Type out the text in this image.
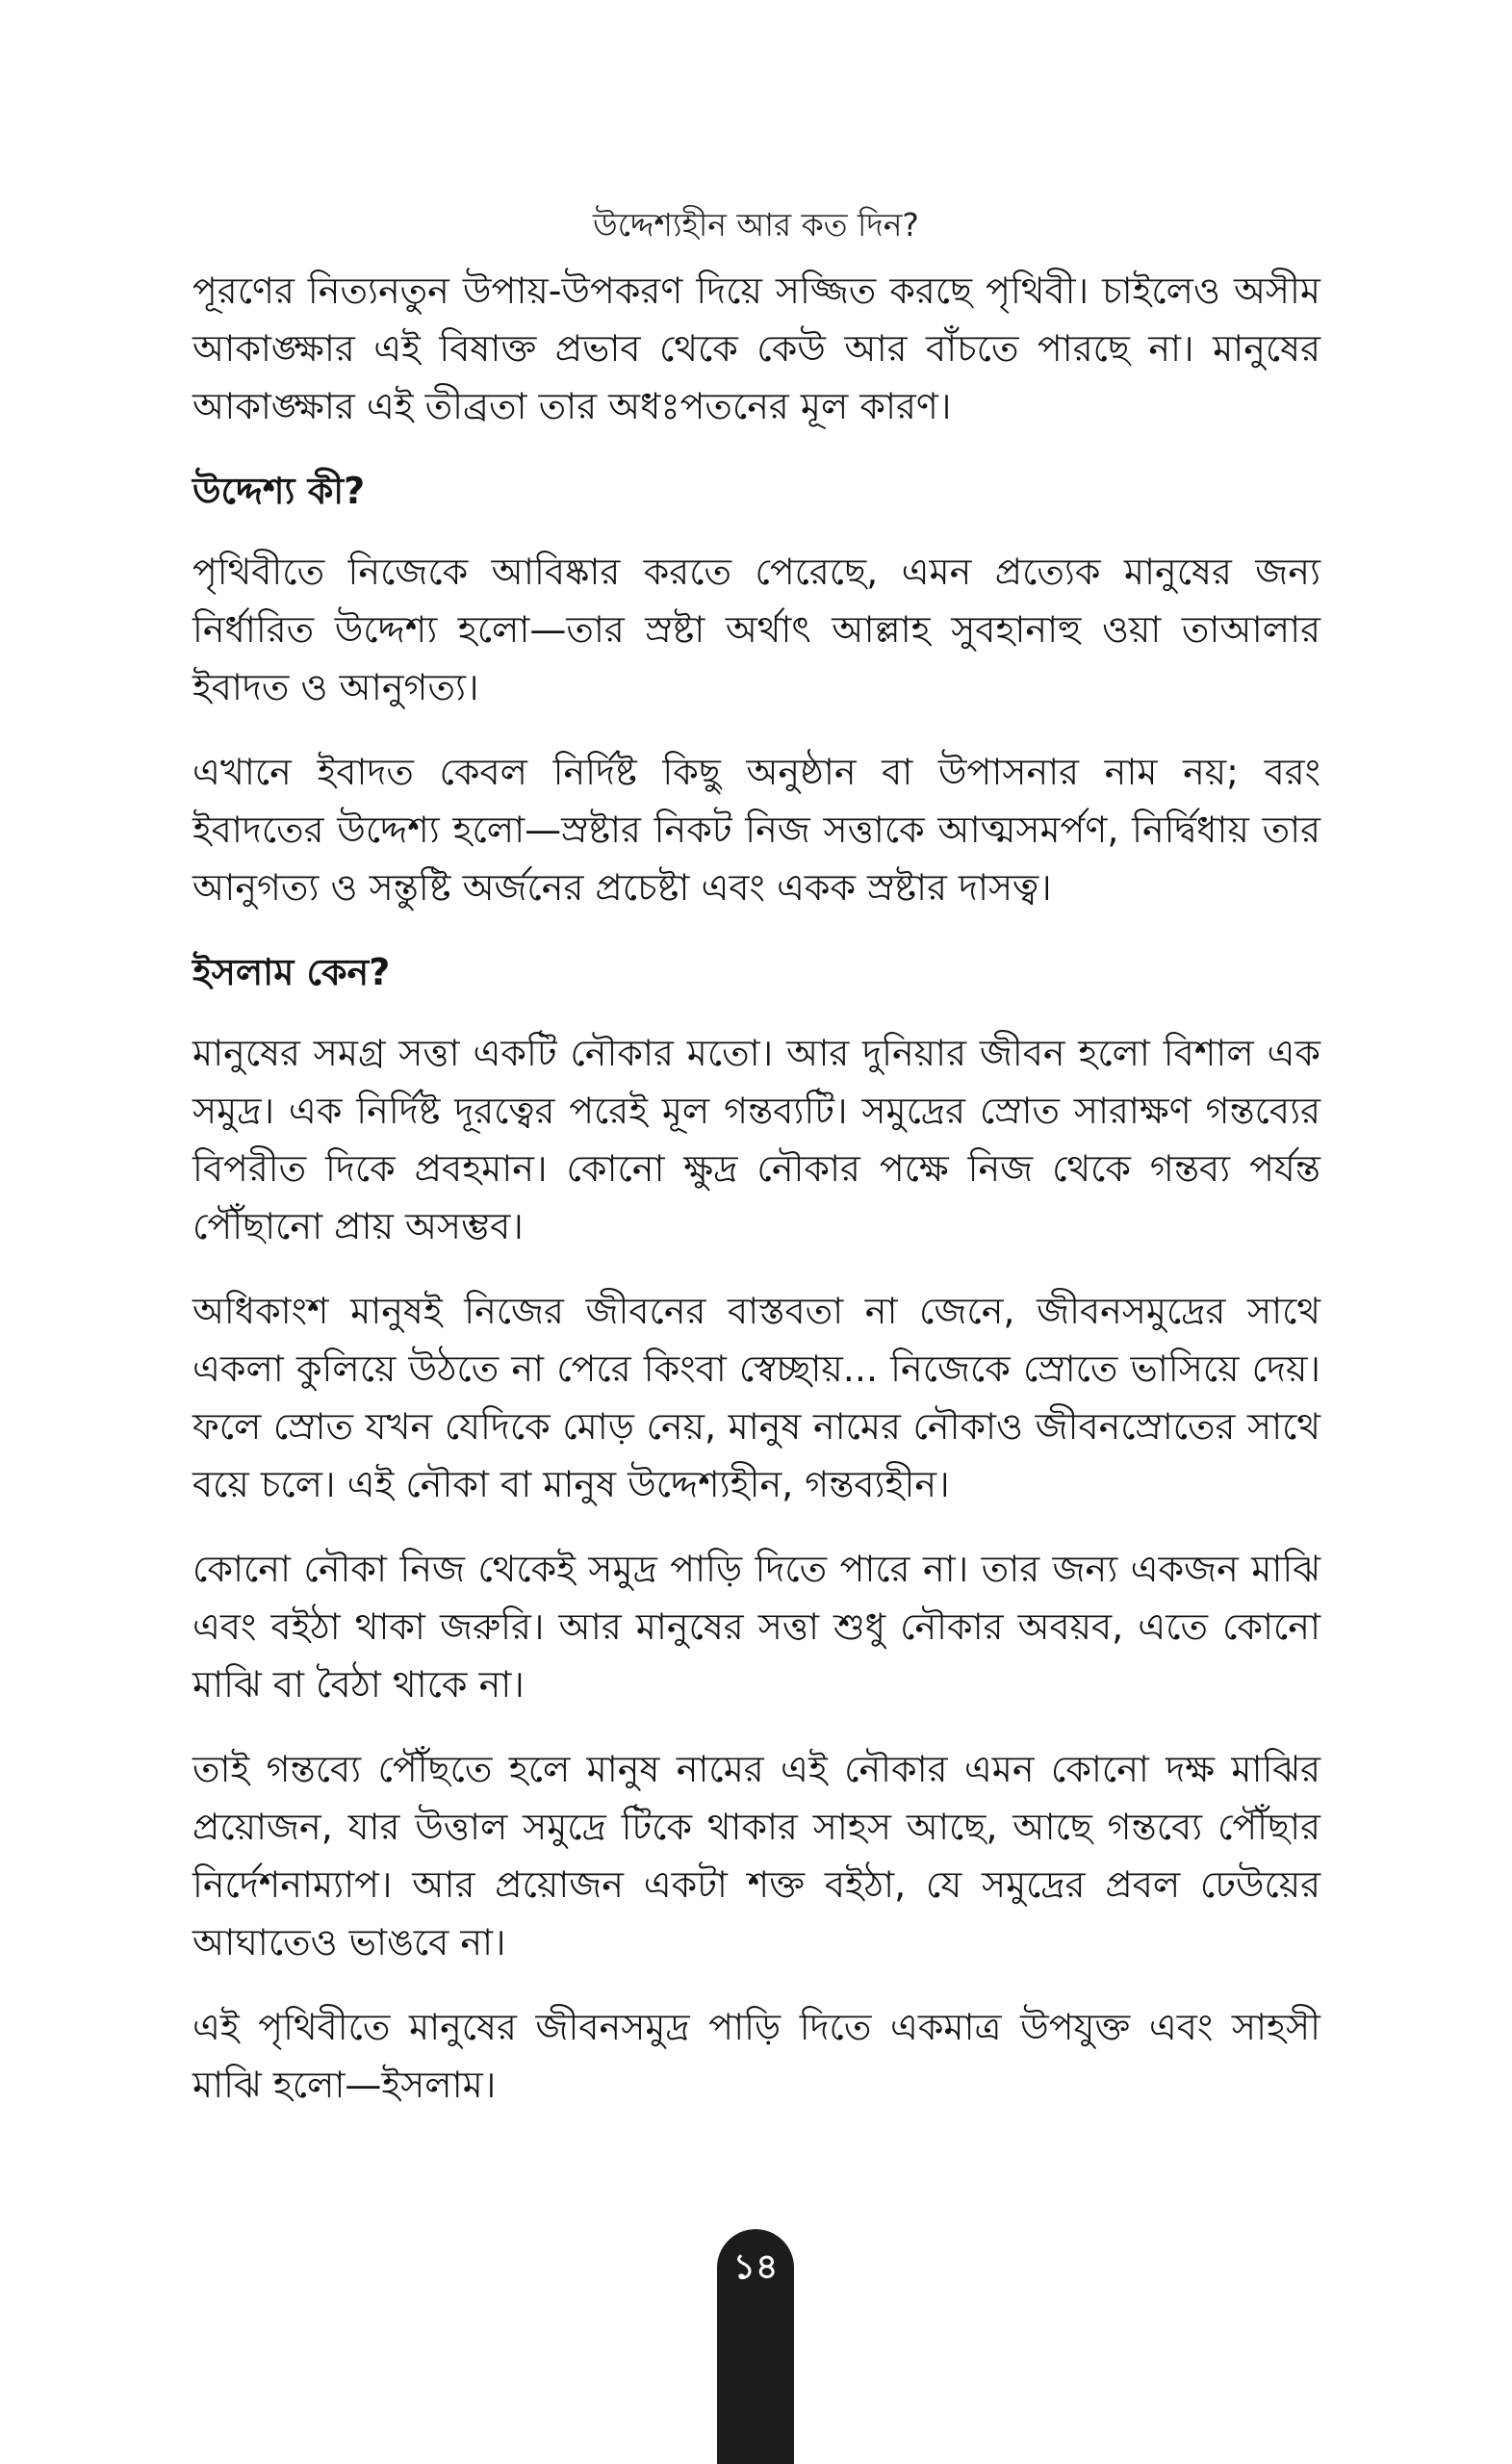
উদ্দেশ্যহীন আর কত দিন?

পূরণের নিত্যনতুন উপায়-উপকরণ দিয়ে সজ্জিত করছে পৃথিবী। চাইলেও অসীম আকাঙ্ক্ষার এই বিষাক্ত প্রভাব থেকে কেউ আর বাঁচতে পারছে না। মানুষের আকাঙ্ক্ষার এই তীব্রতা তার অধঃপতনের মূল কারণ।

উদ্দেশ্য কী?

পৃথিবীতে নিজেকে আবিষ্কার করতে পেরেছে, এমন প্রত্যেক মানুষের জন্য নির্ধারিত উদ্দেশ্য হলো—তার স্রষ্টা অর্থাৎ আল্লাহ সুবহানাহু ওয়া তাআলার ইবাদত ও আনুগত্য।

এখানে ইবাদত কেবল নির্দিষ্ট কিছু অনুষ্ঠান বা উপাসনার নাম নয়; বরং ইবাদতের উদ্দেশ্য হলো—স্রষ্টার নিকট নিজ সত্তাকে আত্মসমর্পণ, নির্দ্বিধায় তার আনুগত্য ও সন্তুষ্টি অর্জনের প্রচেষ্টা এবং একক স্রষ্টার দাসত্ব।

ইসলাম কেন?

মানুষের সমগ্র সত্তা একটি নৌকার মতো। আর দুনিয়ার জীবন হলো বিশাল এক সমুদ্র। এক নির্দিষ্ট দূরত্বের পরেই মূল গন্তব্যটি। সমুদ্রের স্রোত সারাক্ষণ গন্তব্যের বিপরীত দিকে প্রবহমান। কোনো ক্ষুদ্র নৌকার পক্ষে নিজ থেকে গন্তব্য পর্যন্ত পৌঁছানো প্রায় অসম্ভব।

অধিকাংশ মানুষই নিজের জীবনের বাস্তবতা না জেনে, জীবনসমুদ্রের সাথে একলা কুলিয়ে উঠতে না পেরে কিংবা স্বেচ্ছায়... নিজেকে স্রোতে ভাসিয়ে দেয়। ফলে স্রোত যখন যেদিকে মোড় নেয়, মানুষ নামের নৌকাও জীবনস্রোতের সাথে বয়ে চলে। এই নৌকা বা মানুষ উদ্দেশ্যহীন, গন্তব্যহীন।

কোনো নৌকা নিজ থেকেই সমুদ্র পাড়ি দিতে পারে না। তার জন্য একজন মাঝি এবং বইঠা থাকা জরুরি। আর মানুষের সত্তা শুধু নৌকার অবয়ব, এতে কোনো মাঝি বা বৈঠা থাকে না।

তাই গন্তব্যে পৌঁছতে হলে মানুষ নামের এই নৌকার এমন কোনো দক্ষ মাঝির প্রয়োজন, যার উত্তাল সমুদ্রে টিকে থাকার সাহস আছে, আছে গন্তব্যে পৌঁছার নির্দেশনাম্যাপ। আর প্রয়োজন একটা শক্ত বইঠা, যে সমুদ্রের প্রবল ঢেউয়ের আঘাতেও ভাঙবে না।

এই পৃথিবীতে মানুষের জীবনসমুদ্র পাড়ি দিতে একমাত্র উপযুক্ত এবং সাহসী মাঝি হলো—ইসলাম।

১৪
